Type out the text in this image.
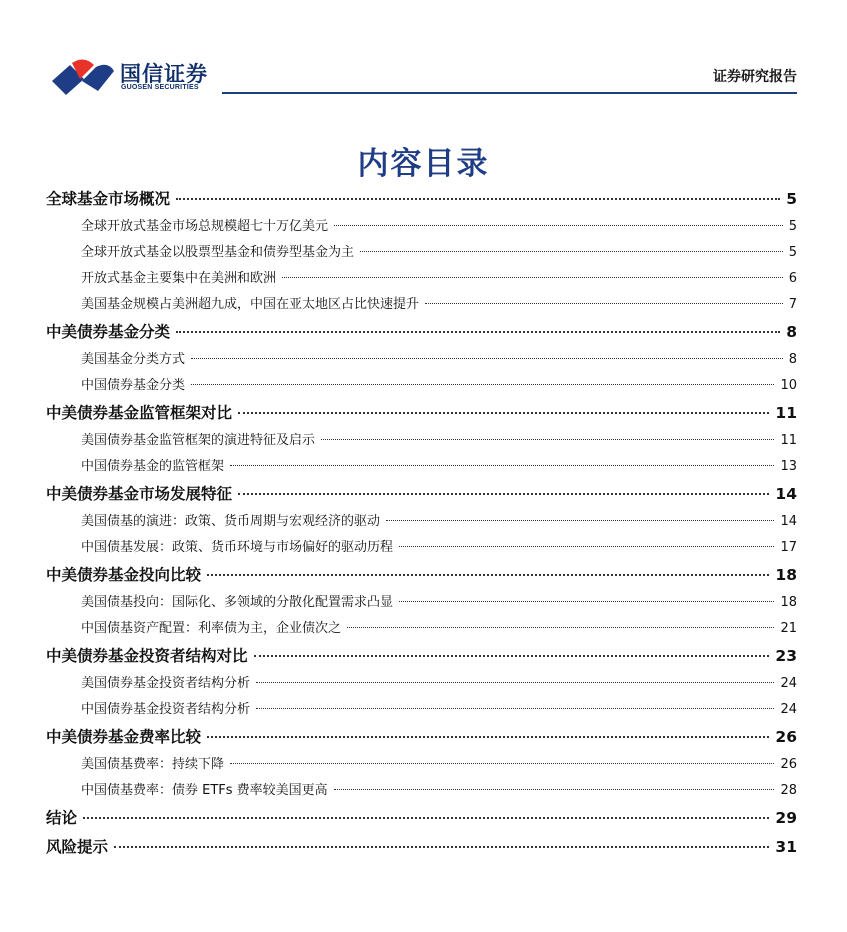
国信证券
GUOSEN SECURITIES
证券研究报告
内容目录
全球基金市场概况	5
全球开放式基金市场总规模超七十万亿美元	5
全球开放式基金以股票型基金和债券型基金为主	5
开放式基金主要集中在美洲和欧洲	6
美国基金规模占美洲超九成，中国在亚太地区占比快速提升	7
中美债券基金分类	8
美国基金分类方式	8
中国债券基金分类	10
中美债券基金监管框架对比	11
美国债券基金监管框架的演进特征及启示	11
中国债券基金的监管框架	13
中美债券基金市场发展特征	14
美国债基的演进：政策、货币周期与宏观经济的驱动	14
中国债基发展：政策、货币环境与市场偏好的驱动历程	17
中美债券基金投向比较	18
美国债基投向：国际化、多领域的分散化配置需求凸显	18
中国债基资产配置：利率债为主，企业债次之	21
中美债券基金投资者结构对比	23
美国债券基金投资者结构分析	24
中国债券基金投资者结构分析	24
中美债券基金费率比较	26
美国债基费率：持续下降	26
中国债基费率：债券 ETFs 费率较美国更高	28
结论	29
风险提示	31
